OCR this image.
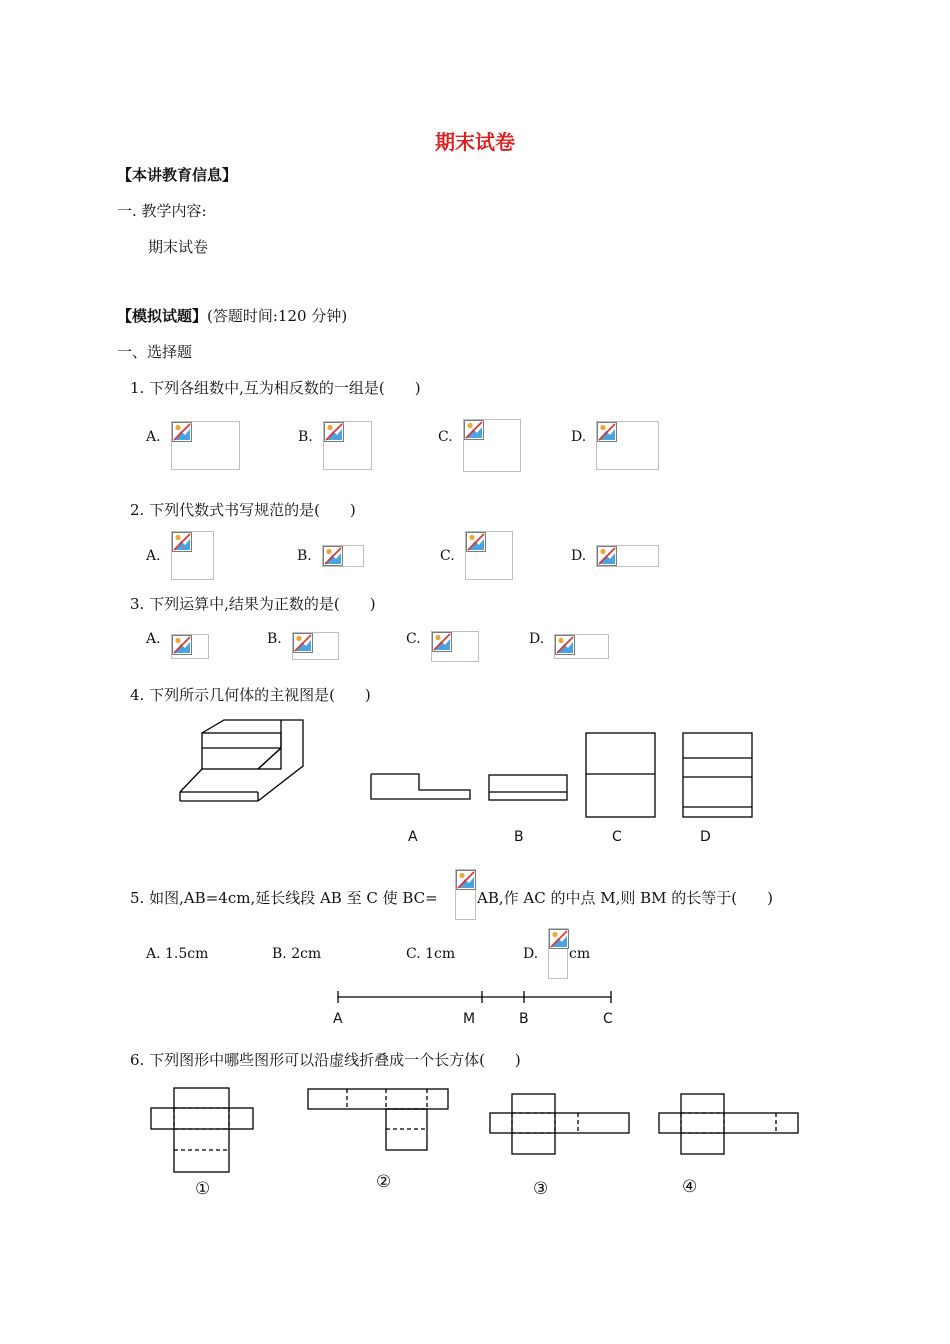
期末试卷
【本讲教育信息】
一. 教学内容:
期末试卷
【模拟试题】(答题时间:120 分钟)
一、选择题
1. 下列各组数中,互为相反数的一组是(　　)
A.	B.	C.	D.
2. 下列代数式书写规范的是(　　)
A.	B.	C.	D.
3. 下列运算中,结果为正数的是(　　)
A.	B.	C.	D.
4. 下列所示几何体的主视图是(　　)
A	B	C	D
5. 如图,AB=4cm,延长线段 AB 至 C 使 BC=	AB,作 AC 的中点 M,则 BM 的长等于(　　)
A. 1.5cm	B. 2cm	C. 1cm	D. cm
A	M	B	C
6. 下列图形中哪些图形可以沿虚线折叠成一个长方体(　　)
①	②	③	④
